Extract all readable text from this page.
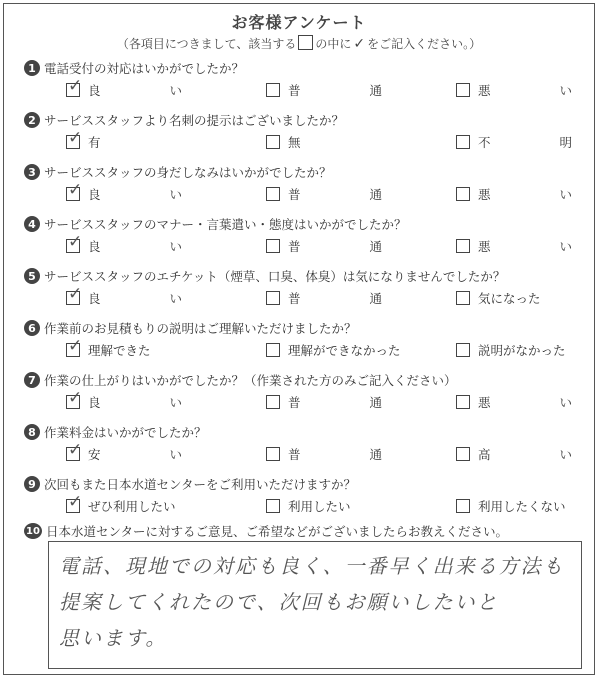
お客様アンケート
（各項目につきまして、該当する の中に ✓ をご記入ください。）
1 電話受付の対応はいかがでしたか？
✓ 良	い	普	通	悪	い
2 サービススタッフより名刺の提示はございましたか？
✓ 有	無	不	明
3 サービススタッフの身だしなみはいかがでしたか？
✓ 良	い	普	通	悪	い
4 サービススタッフのマナー・言葉遣い・態度はいかがでしたか？
✓ 良	い	普	通	悪	い
5 サービススタッフのエチケット（煙草、口臭、体臭）は気になりませんでしたか？
✓ 良	い	普	通	気になった
6 作業前のお見積もりの説明はご理解いただけましたか？
✓ 理解できた	理解ができなかった	説明がなかった
7 作業の仕上がりはいかがでしたか？（作業された方のみご記入ください）
✓ 良	い	普	通	悪	い
8 作業料金はいかがでしたか？
✓ 安	い	普	通	高	い
9 次回もまた日本水道センターをご利用いただけますか？
✓ ぜひ利用したい	利用したい	利用したくない
10 日本水道センターに対するご意見、ご希望などがございましたらお教えください。
電話、現地での対応も良く、一番早く出来る方法も
提案してくれたので、次回もお願いしたいと
思います。
